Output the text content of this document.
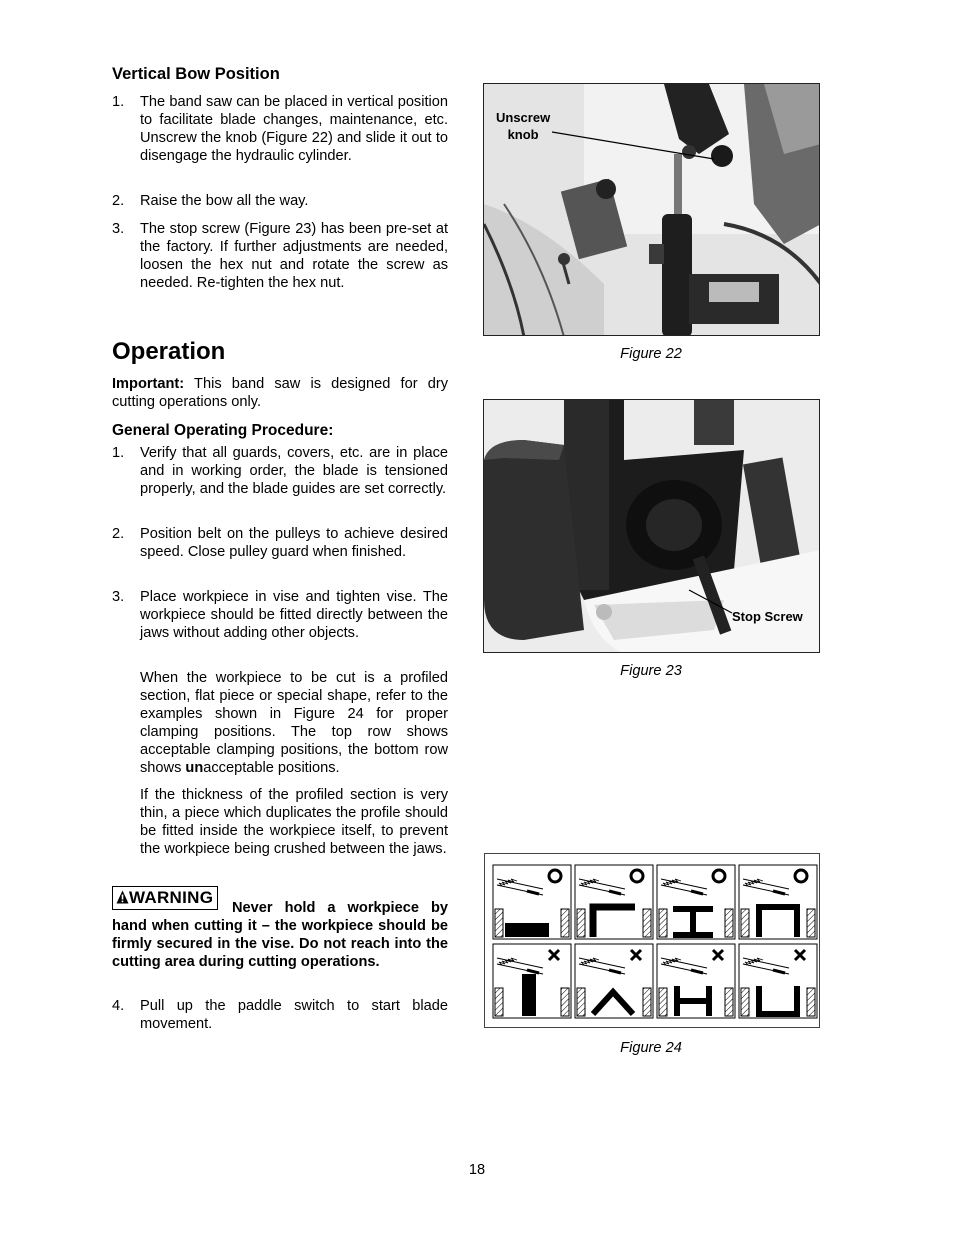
Vertical Bow Position
1. The band saw can be placed in vertical position to facilitate blade changes, maintenance, etc. Unscrew the knob (Figure 22) and slide it out to disengage the hydraulic cylinder.
2. Raise the bow all the way.
3. The stop screw (Figure 23) has been pre-set at the factory. If further adjustments are needed, loosen the hex nut and rotate the screw as needed. Re-tighten the hex nut.
Operation
Important: This band saw is designed for dry cutting operations only.
General Operating Procedure:
1. Verify that all guards, covers, etc. are in place and in working order, the blade is tensioned properly, and the blade guides are set correctly.
2. Position belt on the pulleys to achieve desired speed. Close pulley guard when finished.
3. Place workpiece in vise and tighten vise. The workpiece should be fitted directly between the jaws without adding other objects.
When the workpiece to be cut is a profiled section, flat piece or special shape, refer to the examples shown in Figure 24 for proper clamping positions. The top row shows acceptable clamping positions, the bottom row shows unacceptable positions.
If the thickness of the profiled section is very thin, a piece which duplicates the profile should be fitted inside the workpiece itself, to prevent the workpiece being crushed between the jaws.
WARNING
Never hold a workpiece by hand when cutting it – the workpiece should be firmly secured in the vise. Do not reach into the cutting area during cutting operations.
4. Pull up the paddle switch to start blade movement.
Unscrew
knob
Figure 22
Stop Screw
Figure 23
Figure 24
18
